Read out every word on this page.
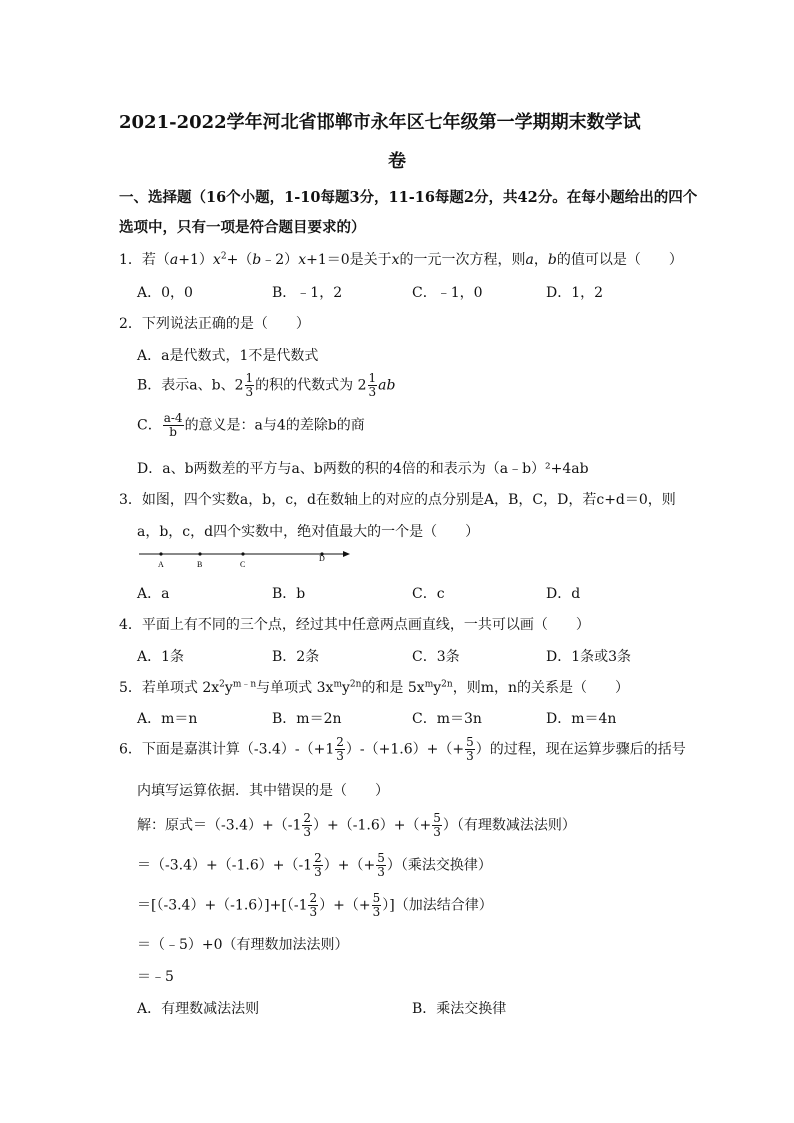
2021-2022学年河北省邯郸市永年区七年级第一学期期末数学试
卷
一、选择题（16个小题，1-10每题3分，11-16每题2分，共42分。在每小题给出的四个
选项中，只有一项是符合题目要求的）
1．若$(a+1)x^2+(b﹣2)x+1=0$是关于x的一元一次方程，则a，b的值可以是（　　）
A．0，0	B．﹣1，2	C．﹣1，0	D．1，2
2．下列说法正确的是（　　）
A．a是代数式，1不是代数式
B．表示a、b、$2 \frac{1}{3}$ 的积的代数式为 $2 \frac{1}{3}$ ab
C． $\frac{a-4}{b}$ 的意义是：a与4的差除b的商
D．a、b两数差的平方与a、b两数的积的4倍的和表示为（a﹣b）²+4ab
3．如图，四个实数a，b，c，d在数轴上的对应的点分别是A，B，C，D，若c+d＝0，则
a，b，c，d四个实数中，绝对值最大的一个是（　　）
A	B	C
D
A．a	B．b	C．c	D．d
4．平面上有不同的三个点，经过其中任意两点画直线，一共可以画（　　）
A．1条	B．2条	C．3条	D．1条或3条
5．若单项式 $2x^2y^{m﹣n}$与单项式 $3x^my^{2n}$的和是 $5x^my^{2n}$，则m，n的关系是（　　）
A．m＝n	B．m＝2n	C．m＝3n	D．m＝4n
6．下面是嘉淇计算$(-3.4)-(+1 \frac{2}{3} )-(+1.6)+(+ \frac{5}{3}$ ）的过程，现在运算步骤后的括号
内填写运算依据．其中错误的是（　　）
解：原式$=(-3.4)+(-1 \frac{2}{3} )+(-1.6)+(+ \frac{5}{3}$ ）（有理数减法法则）
$=(-3.4)+(-1.6)+(-1 \frac{2}{3}$ ）+（+ $\frac{5}{3}$ ）（乘法交换律）
$=[(-3.4)+(-1.6)]+[(-1 \frac{2}{3}$ ）+（+ $\frac{5}{3}$ ）]（加法结合律）
＝（﹣5）+0（有理数加法法则）
＝﹣5
A．有理数减法法则	B．乘法交换律
